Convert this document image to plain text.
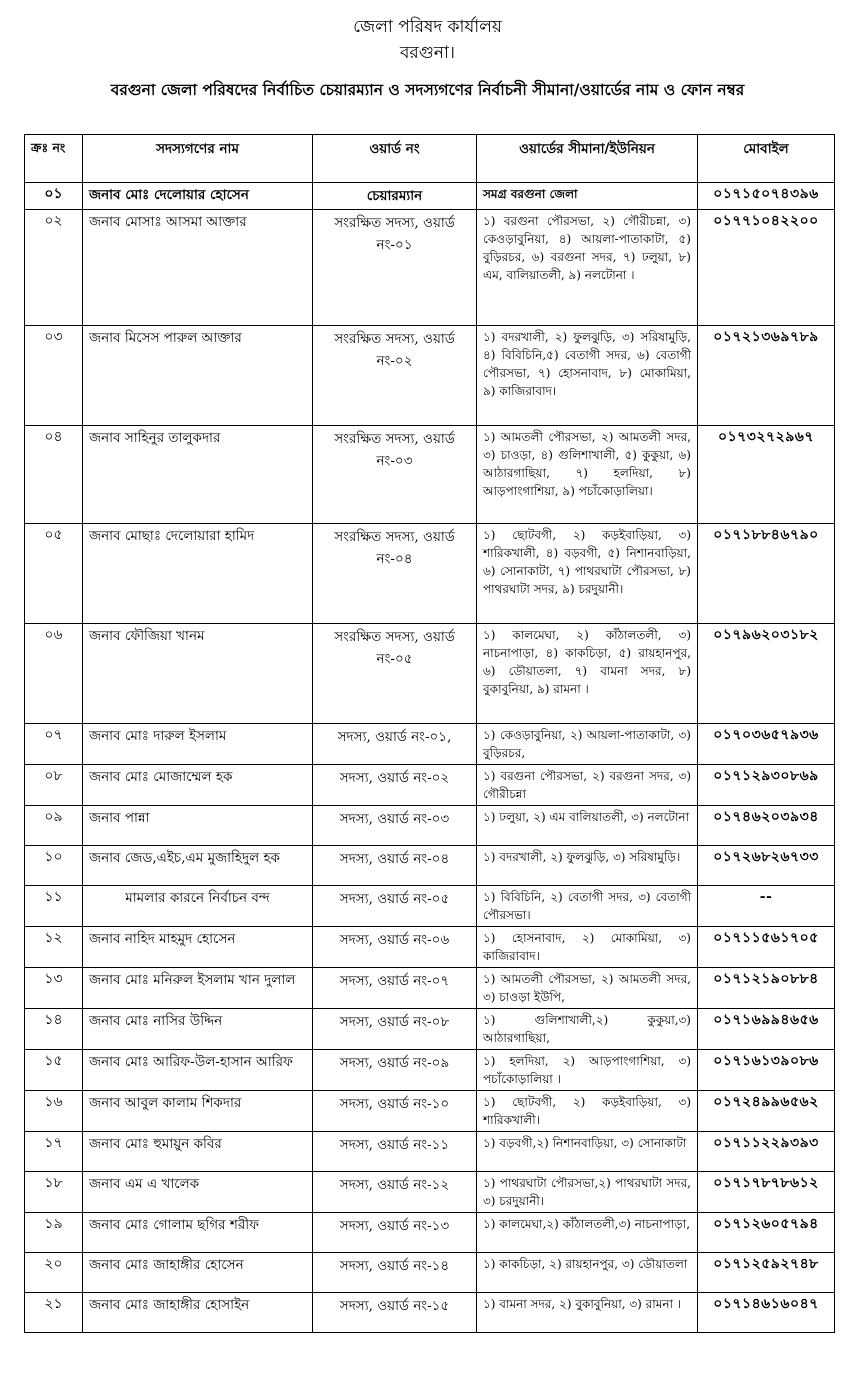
জেলা পরিষদ কার্যালয়
বরগুনা।
বরগুনা জেলা পরিষদের নির্বাচিত চেয়ারম্যান ও সদস্যগণের নির্বাচনী সীমানা/ওয়ার্ডের নাম ও ফোন নম্বর
ক্রঃ নং	সদস্যগণের নাম	ওয়ার্ড নং	ওয়ার্ডের সীমানা/ইউনিয়ন	মোবাইল
০১	জনাব মোঃ দেলোয়ার হোসেন	চেয়ারম্যান	সমগ্র বরগুনা জেলা	০১৭১৫০৭৪৩৯৬
০২	জনাব মোসাঃ আসমা আক্তার	সংরক্ষিত সদস্য, ওয়ার্ড নং-০১	১) বরগুনা পৌরসভা, ২) গৌরীচন্না, ৩) কেওড়াবুনিয়া, ৪) আয়লা-পাতাকাটা, ৫) বুড়িরচর, ৬) বরগুনা সদর, ৭) ঢলুয়া, ৮) এম, বালিয়াতলী, ৯) নলটোনা ।	০১৭৭১০৪২২০০
০৩	জনাব মিসেস পারুল আক্তার	সংরক্ষিত সদস্য, ওয়ার্ড নং-০২	১) বদরখালী, ২) ফুলঝুড়ি, ৩) সরিষামুড়ি, ৪) বিবিচিনি,৫) বেতাগী সদর, ৬) বেতাগী পৌরসভা, ৭) হোসনাবাদ, ৮) মোকামিয়া, ৯) কাজিরাবাদ।	০১৭২১৩৬৯৭৮৯
০৪	জনাব সাহিনুর তালুকদার	সংরক্ষিত সদস্য, ওয়ার্ড নং-০৩	১) আমতলী পৌরসভা, ২) আমতলী সদর, ৩) চাওড়া, ৪) গুলিশাখালী, ৫) কুকুয়া, ৬) আঠারগাছিয়া, ৭) হলদিয়া, ৮) আড়পাংগাশিয়া, ৯) পচাঁকোড়ালিয়া।	০১৭৩২৭২৯৬৭
০৫	জনাব মোছাঃ দেলোয়ারা হামিদ	সংরক্ষিত সদস্য, ওয়ার্ড নং-০৪	১) ছোটবগী, ২) কড়ইবাড়িয়া, ৩) শারিকখালী, ৪) বড়বগী, ৫) নিশানবাড়িয়া, ৬) সোনাকাটা, ৭) পাথরঘাটা পৌরসভা, ৮) পাথরঘাটা সদর, ৯) চরদুয়ানী।	০১৭১৮৮৪৬৭৯০
০৬	জনাব ফৌজিয়া খানম	সংরক্ষিত সদস্য, ওয়ার্ড নং-০৫	১) কালমেঘা, ২) কাঁঠালতলী, ৩) নাচনাপাড়া, ৪) কাকচিড়া, ৫) রায়হানপুর, ৬) ডৌয়াতলা, ৭) বামনা সদর, ৮) বুকাবুনিয়া, ৯) রামনা ।	০১৭৯৬২০৩১৮২
০৭	জনাব মোঃ দারুল ইসলাম	সদস্য, ওয়ার্ড নং-০১,	১) কেওড়াবুনিয়া, ২) আয়লা-পাতাকাটা, ৩) বুড়িরচর,	০১৭০৩৬৫৭৯৩৬
০৮	জনাব মোঃ মোজাম্মেল হক	সদস্য, ওয়ার্ড নং-০২	১) বরগুনা পৌরসভা, ২) বরগুনা সদর, ৩) গৌরীচন্না	০১৭১২৯৩০৮৬৯
০৯	জনাব পান্না	সদস্য, ওয়ার্ড নং-০৩	১) ঢলুয়া, ২) এম বালিয়াতলী, ৩) নলটোনা	০১৭৪৬২০৩৯৩৪
১০	জনাব জেড,এইচ,এম মুজাহিদুল হক	সদস্য, ওয়ার্ড নং-০৪	১) বদরখালী, ২) ফুলঝুড়ি, ৩) সরিষামুড়ি।	০১৭২৬৮২৬৭৩৩
১১	মামলার কারনে নির্বাচন বন্দ	সদস্য, ওয়ার্ড নং-০৫	১) বিবিচিনি, ২) বেতাগী সদর, ৩) বেতাগী পৌরসভা।	--
১২	জনাব নাহিদ মাহমুদ হোসেন	সদস্য, ওয়ার্ড নং-০৬	১) হোসনাবাদ, ২) মোকামিয়া, ৩) কাজিরাবাদ।	০১৭১১৫৬১৭০৫
১৩	জনাব মোঃ মনিরুল ইসলাম খান দুলাল	সদস্য, ওয়ার্ড নং-০৭	১) আমতলী পৌরসভা, ২) আমতলী সদর, ৩) চাওড়া ইউপি,	০১৭১২১৯০৮৮৪
১৪	জনাব মোঃ নাসির উদ্দিন	সদস্য, ওয়ার্ড নং-০৮	১) গুলিশাখালী,২) কুকুয়া,৩) আঠারগাছিয়া,	০১৭১৬৯৯৪৬৫৬
১৫	জনাব মোঃ আরিফ-উল-হাসান আরিফ	সদস্য, ওয়ার্ড নং-০৯	১) হলদিয়া, ২) আড়পাংগাশিয়া, ৩) পচাঁকোড়ালিয়া ।	০১৭১৬১৩৯০৮৬
১৬	জনাব আবুল কালাম শিকদার	সদস্য, ওয়ার্ড নং-১০	১) ছোটবগী, ২) কড়ইবাড়িয়া, ৩) শারিকখালী।	০১৭২৪৯৯৬৫৬২
১৭	জনাব মোঃ হুমায়ুন কবির	সদস্য, ওয়ার্ড নং-১১	১) বড়বগী,২) নিশানবাড়িয়া, ৩) সোনাকাটা	০১৭১১২২৯৩৯৩
১৮	জনাব এম এ খালেক	সদস্য, ওয়ার্ড নং-১২	১) পাথরঘাটা পৌরসভা,২) পাথরঘাটা সদর, ৩) চরদুয়ানী।	০১৭১৭৮৭৮৬১২
১৯	জনাব মোঃ গোলাম ছগির শরীফ	সদস্য, ওয়ার্ড নং-১৩	১) কালমেঘা,২) কাঁঠালতলী,৩) নাচনাপাড়া,	০১৭১২৬০৫৭৯৪
২০	জনাব মোঃ জাহাঙ্গীর হোসেন	সদস্য, ওয়ার্ড নং-১৪	১) কাকচিড়া, ২) রায়হানপুর, ৩) ডৌয়াতলা	০১৭১২৫৯২৭৪৮
২১	জনাব মোঃ জাহাঙ্গীর হোসাইন	সদস্য, ওয়ার্ড নং-১৫	১) বামনা সদর, ২) বুকাবুনিয়া, ৩) রামনা ।	০১৭১৪৬১৬০৪৭
